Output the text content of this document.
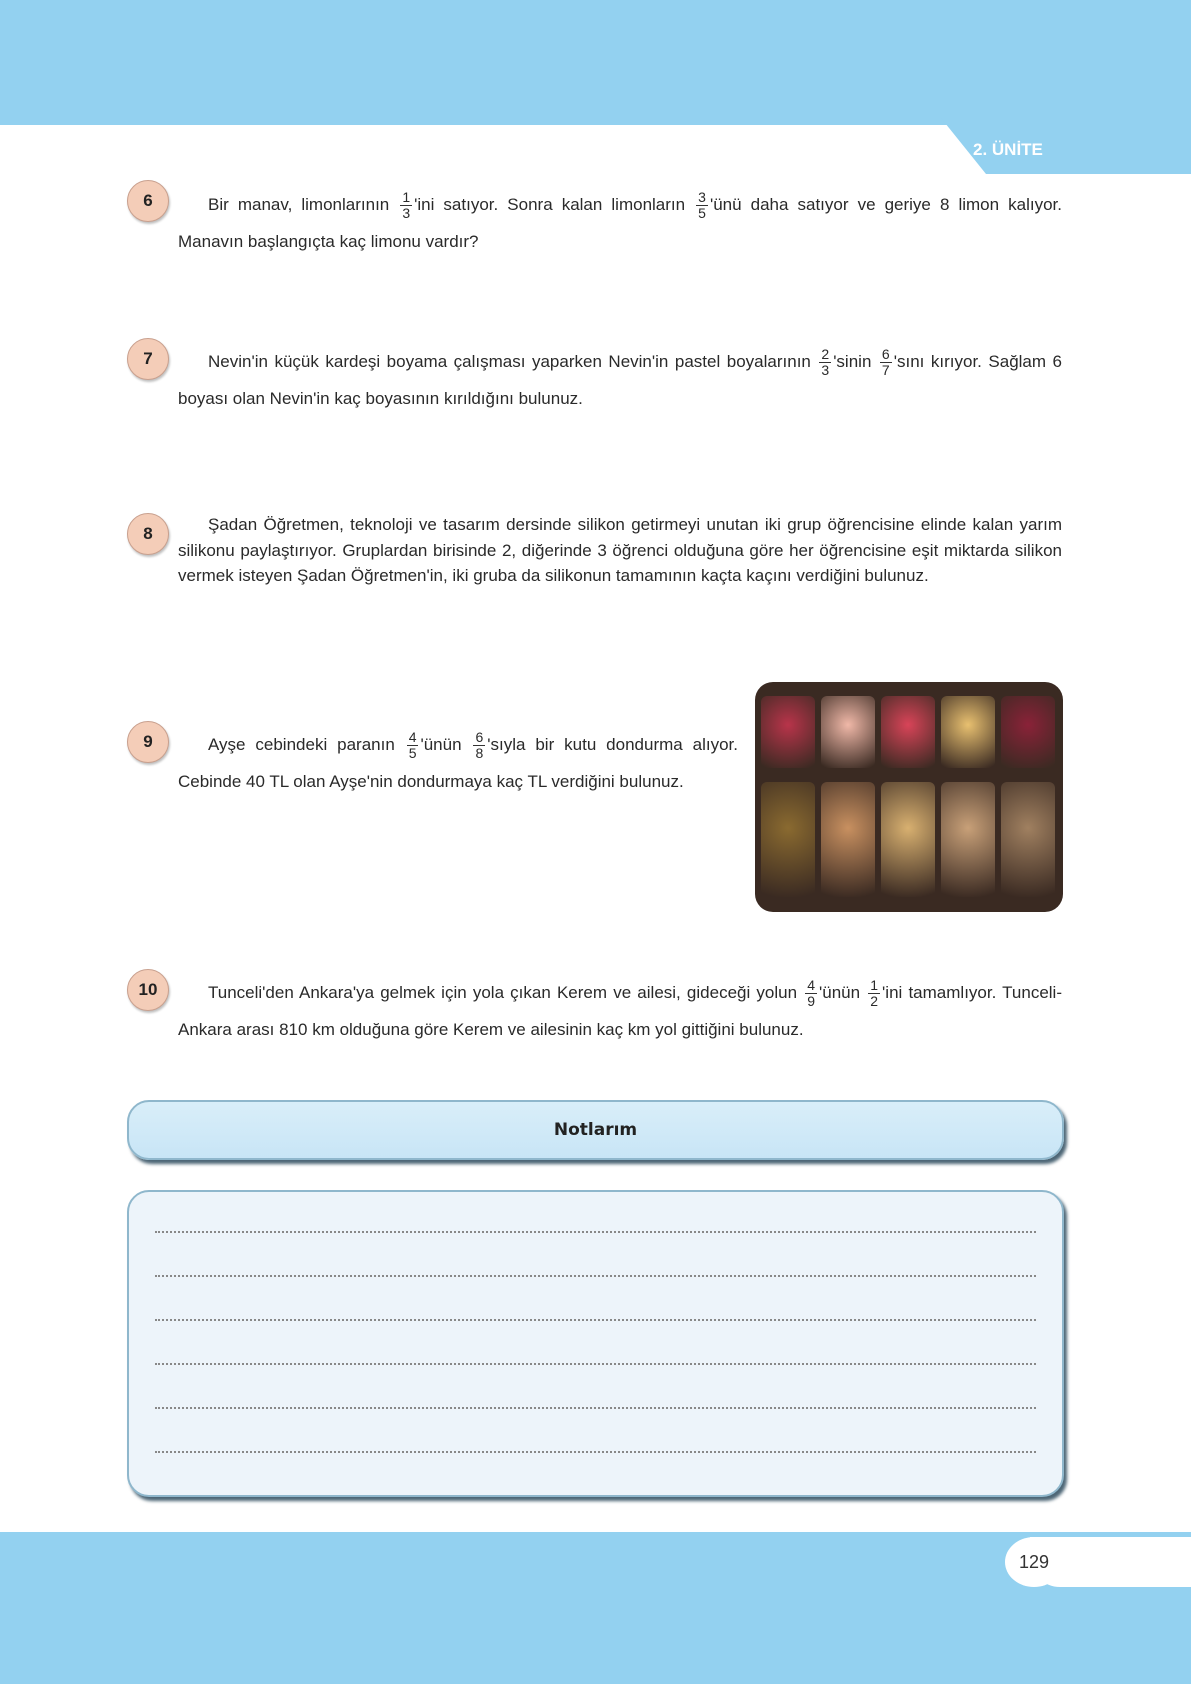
2. ÜNİTE
6	Bir manav, limonlarının $\frac{1}{3}$ 'ini satıyor. Sonra kalan limonların $\frac{3}{5}$ 'ünü daha satıyor ve geriye 8 limon kalıyor. Manavın başlangıçta kaç limonu vardır?
7	Nevin'in küçük kardeşi boyama çalışması yaparken Nevin'in pastel boyalarının $\frac{2}{3}$ 'sinin $\frac{6}{7}$ 'sını kırıyor. Sağlam 6 boyası olan Nevin'in kaç boyasının kırıldığını bulunuz.
8	Şadan Öğretmen, teknoloji ve tasarım dersinde silikon getirmeyi unutan iki grup öğrencisine elinde kalan yarım silikonu paylaştırıyor. Gruplardan birisinde 2, diğerinde 3 öğrenci olduğuna göre her öğrencisine eşit miktarda silikon vermek isteyen Şadan Öğretmen'in, iki gruba da silikonun tamamının kaçta kaçını verdiğini bulunuz.
9	Ayşe cebindeki paranın $\frac{4}{5}$ 'ünün $\frac{6}{8}$ 'sıyla bir kutu dondurma alıyor. Cebinde 40 TL olan Ayşe'nin dondurmaya kaç TL verdiğini bulunuz.
10	Tunceli'den Ankara'ya gelmek için yola çıkan Kerem ve ailesi, gideceği yolun $\frac{4}{9}$ 'ünün $\frac{1}{2}$ 'ini tamamlıyor. Tunceli-Ankara arası 810 km olduğuna göre Kerem ve ailesinin kaç km yol gittiğini bulunuz.
Notlarım
129
